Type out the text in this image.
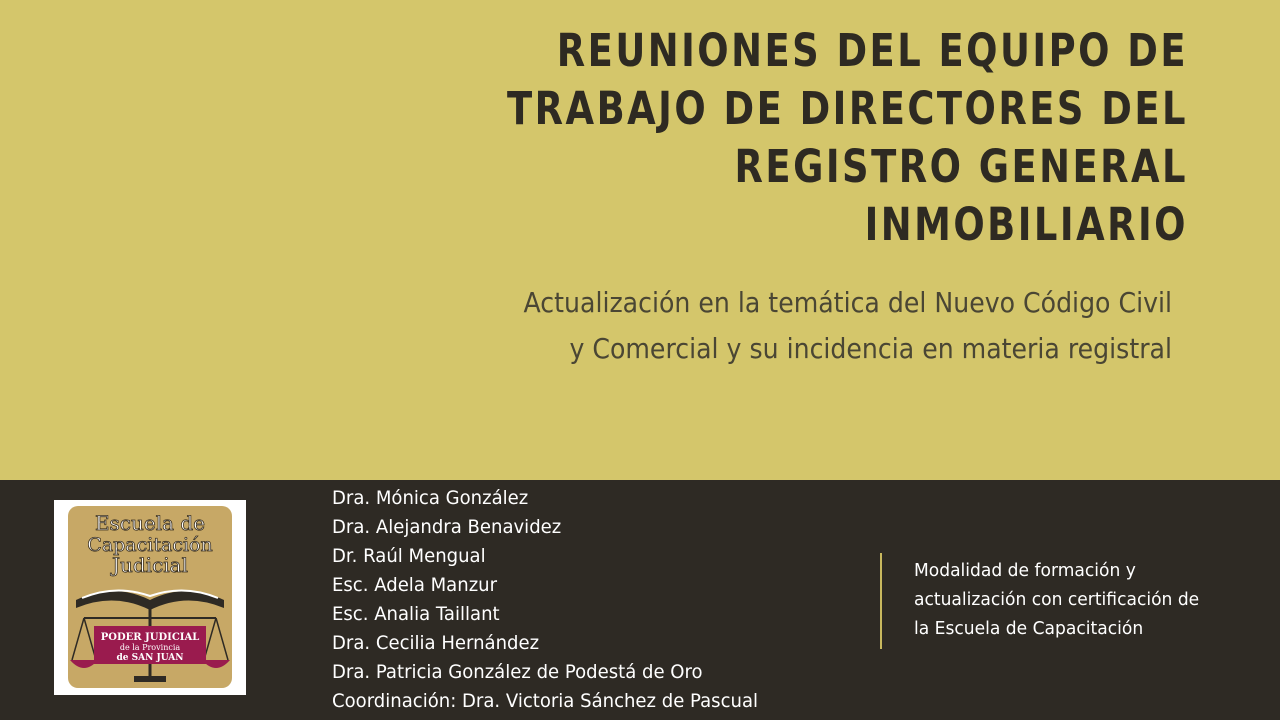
REUNIONES DEL EQUIPO DE
TRABAJO DE DIRECTORES DEL
REGISTRO GENERAL
INMOBILIARIO

Actualización en la temática del Nuevo Código Civil
y Comercial y su incidencia en materia registral

Escuela de
Capacitación
Judicial
PODER JUDICIAL
de la Provincia
de SAN JUAN
Dra. Mónica González
Dra. Alejandra Benavidez
Dr. Raúl Mengual
Esc. Adela Manzur
Esc. Analia Taillant
Dra. Cecilia Hernández
Dra. Patricia González de Podestá de Oro
Coordinación: Dra. Victoria Sánchez de Pascual

Modalidad de formación y
actualización con certificación de
la Escuela de Capacitación
